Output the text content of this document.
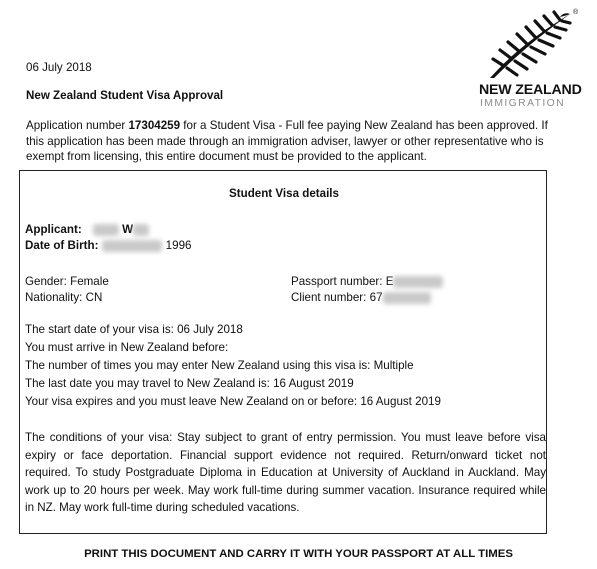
®
NEW ZEALAND
IMMIGRATION
06 July 2018
New Zealand Student Visa Approval
Application number 17304259 for a Student Visa - Full fee paying New Zealand has been approved. If this application has been made through an immigration adviser, lawyer or other representative who is exempt from licensing, this entire document must be provided to the applicant.
Student Visa details
Applicant:	W
Date of Birth:	1996
Gender: Female
Nationality: CN
Passport number: E
Client number: 67
The start date of your visa is: 06 July 2018
You must arrive in New Zealand before:
The number of times you may enter New Zealand using this visa is: Multiple
The last date you may travel to New Zealand is: 16 August 2019
Your visa expires and you must leave New Zealand on or before: 16 August 2019
The conditions of your visa: Stay subject to grant of entry permission. You must leave before visa expiry or face deportation. Financial support evidence not required. Return/onward ticket not required. To study Postgraduate Diploma in Education at University of Auckland in Auckland. May work up to 20 hours per week. May work full-time during summer vacation. Insurance required while in NZ. May work full-time during scheduled vacations.
PRINT THIS DOCUMENT AND CARRY IT WITH YOUR PASSPORT AT ALL TIMES
